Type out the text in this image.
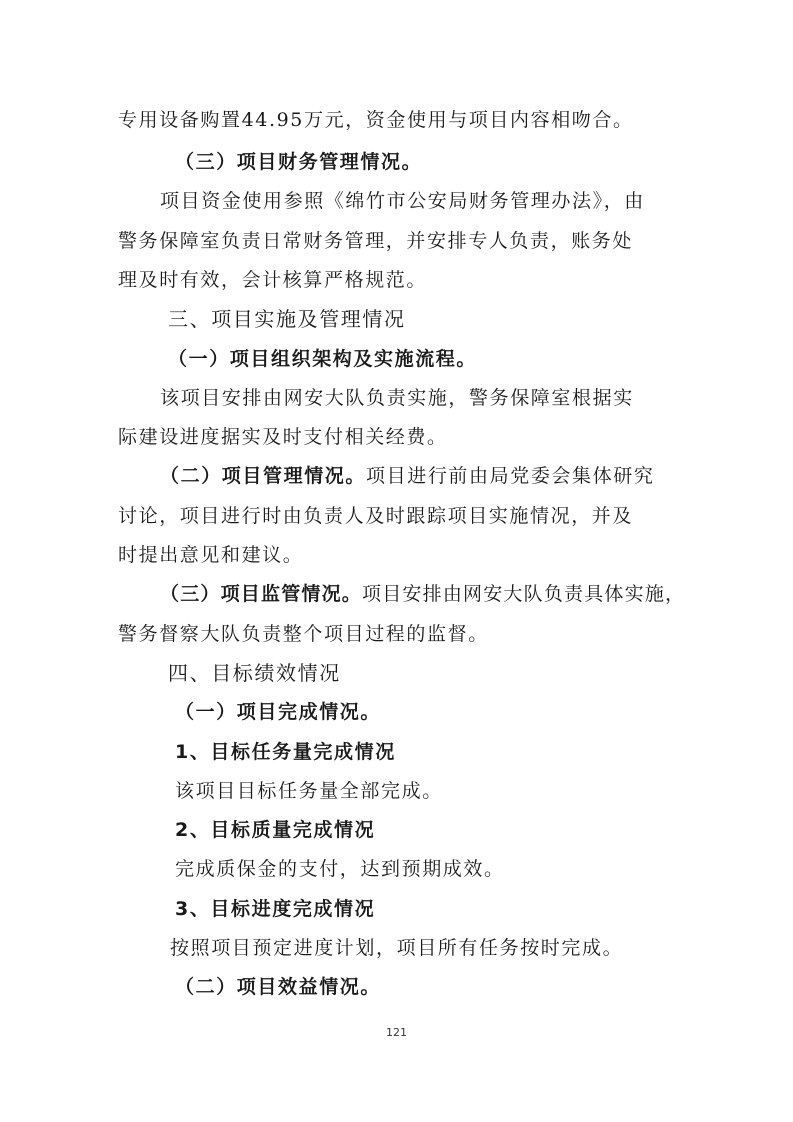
专用设备购置44.95万元，资金使用与项目内容相吻合。
（三）项目财务管理情况。
项目资金使用参照《绵竹市公安局财务管理办法》，由
警务保障室负责日常财务管理，并安排专人负责，账务处
理及时有效，会计核算严格规范。
三、项目实施及管理情况
（一）项目组织架构及实施流程。
该项目安排由网安大队负责实施，警务保障室根据实
际建设进度据实及时支付相关经费。
（二）项目管理情况。项目进行前由局党委会集体研究
讨论，项目进行时由负责人及时跟踪项目实施情况，并及
时提出意见和建议。
（三）项目监管情况。项目安排由网安大队负责具体实施，
警务督察大队负责整个项目过程的监督。
四、目标绩效情况
（一）项目完成情况。
1、目标任务量完成情况
该项目目标任务量全部完成。
2、目标质量完成情况
完成质保金的支付，达到预期成效。
3、目标进度完成情况
按照项目预定进度计划，项目所有任务按时完成。
（二）项目效益情况。
121
